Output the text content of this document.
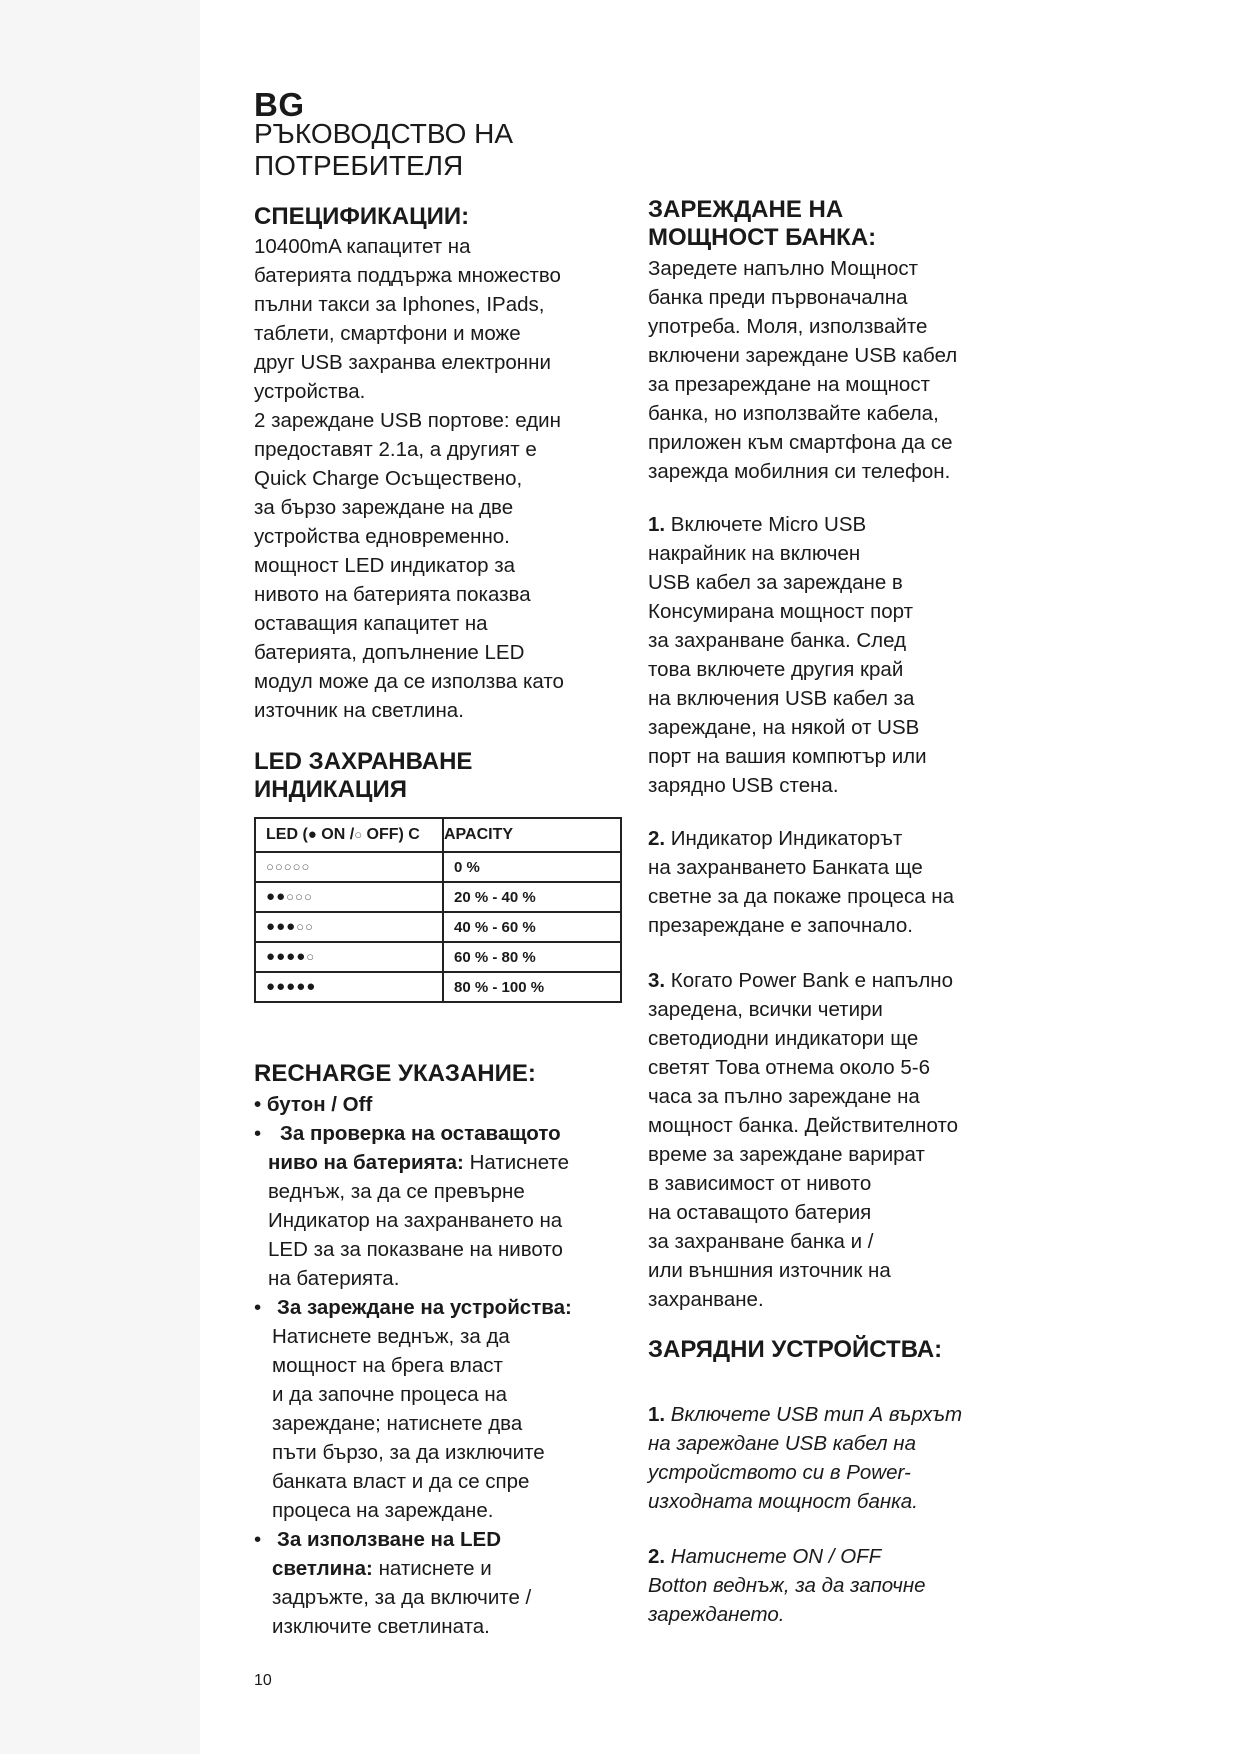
BG
РЪКОВОДСТВО НА
ПОТРЕБИТЕЛЯ
СПЕЦИФИКАЦИИ:
10400mA капацитет на
батерията поддържа множество
пълни такси за Iphones, IPads,
таблети, смартфони и може
друг USB захранва електронни
устройства.
2 зареждане USB портове: един
предоставят 2.1a, а другият е
Quick Charge Осъществено,
за бързо зареждане на две
устройства едновременно.
мощност LED индикатор за
нивото на батерията показва
оставащия капацитет на
батерията, допълнение LED
модул може да се използва като
източник на светлина.
LED ЗАХРАНВАНЕ
ИНДИКАЦИЯ
LED (● ON /○ OFF) C	APACITY
○○○○○	0 %
●●○○○	20 % - 40 %
●●●○○	40 % - 60 %
●●●●○	60 % - 80 %
●●●●●	80 % - 100 %
RECHARGE УКАЗАНИЕ:
• бутон / Off
• За проверка на оставащото
ниво на батерията: Натиснете
веднъж, за да се превърне
Индикатор на захранването на
LED за за показване на нивото
на батерията.
• За зареждане на устройства:
Натиснете веднъж, за да
мощност на брега власт
и да започне процеса на
зареждане; натиснете два
пъти бързо, за да изключите
банката власт и да се спре
процеса на зареждане.
• За използване на LED
светлина: натиснете и
задръжте, за да включите /
изключите светлината.
ЗАРЕЖДАНЕ НА
МОЩНОСТ БАНКА:
Заредете напълно Мощност
банка преди първоначална
употреба. Моля, използвайте
включени зареждане USB кабел
за презареждане на мощност
банка, но използвайте кабела,
приложен към смартфона да се
зарежда мобилния си телефон.
1. Включете Micro USB
накрайник на включен
USB кабел за зареждане в
Консумирана мощност порт
за захранване банка. След
това включете другия край
на включения USB кабел за
зареждане, на някой от USB
порт на вашия компютър или
зарядно USB стена.
2. Индикатор Индикаторът
на захранването Банката ще
светне за да покаже процеса на
презареждане е започнало.
3. Когато Power Bank е напълно
заредена, всички четири
светодиодни индикатори ще
светят Това отнема около 5-6
часа за пълно зареждане на
мощност банка. Действителното
време за зареждане варират
в зависимост от нивото
на оставащото батерия
за захранване банка и /
или външния източник на
захранване.
ЗАРЯДНИ УСТРОЙСТВА:
1. Включете USB тип А върхът
на зареждане USB кабел на
устройството си в Power-
изходната мощност банка.
2. Натиснете ON / OFF
Botton веднъж, за да започне
зареждането.
10
